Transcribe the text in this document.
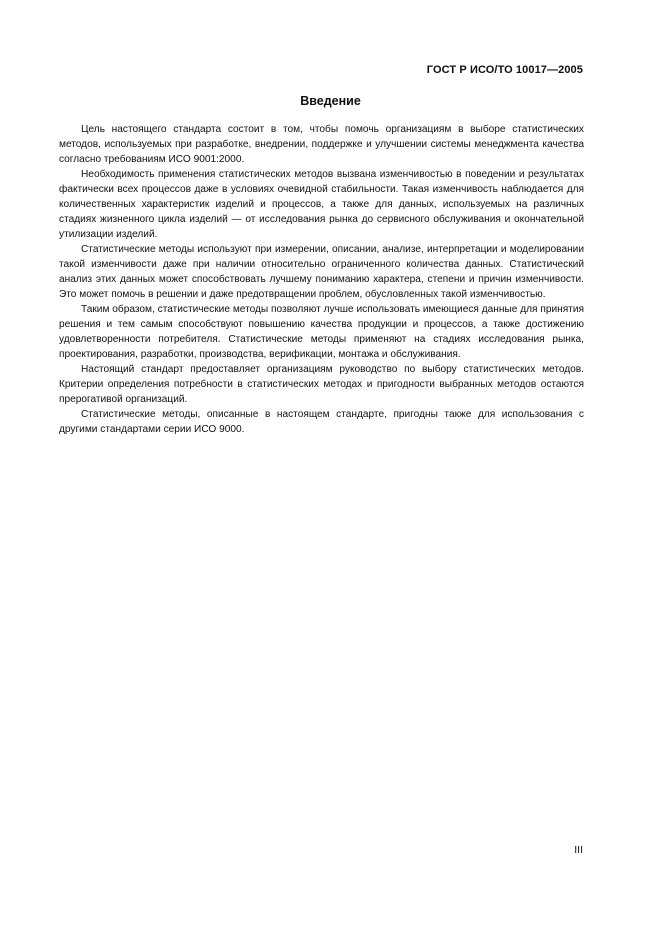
ГОСТ Р ИСО/ТО 10017—2005
Введение

Цель настоящего стандарта состоит в том, чтобы помочь организациям в выборе статистических методов, используемых при разработке, внедрении, поддержке и улучшении системы менеджмента качества согласно требованиям ИСО 9001:2000.

Необходимость применения статистических методов вызвана изменчивостью в поведении и результатах фактически всех процессов даже в условиях очевидной стабильности. Такая изменчивость наблюдается для количественных характеристик изделий и процессов, а также для данных, используемых на различных стадиях жизненного цикла изделий — от исследования рынка до сервисного обслуживания и окончательной утилизации изделий.

Статистические методы используют при измерении, описании, анализе, интерпретации и моделировании такой изменчивости даже при наличии относительно ограниченного количества данных. Статистический анализ этих данных может способствовать лучшему пониманию характера, степени и причин изменчивости. Это может помочь в решении и даже предотвращении проблем, обусловленных такой изменчивостью.

Таким образом, статистические методы позволяют лучше использовать имеющиеся данные для принятия решения и тем самым способствуют повышению качества продукции и процессов, а также достижению удовлетворенности потребителя. Статистические методы применяют на стадиях исследования рынка, проектирования, разработки, производства, верификации, монтажа и обслуживания.

Настоящий стандарт предоставляет организациям руководство по выбору статистических методов. Критерии определения потребности в статистических методах и пригодности выбранных методов остаются прерогативой организаций.

Статистические методы, описанные в настоящем стандарте, пригодны также для использования с другими стандартами серии ИСО 9000.

III
